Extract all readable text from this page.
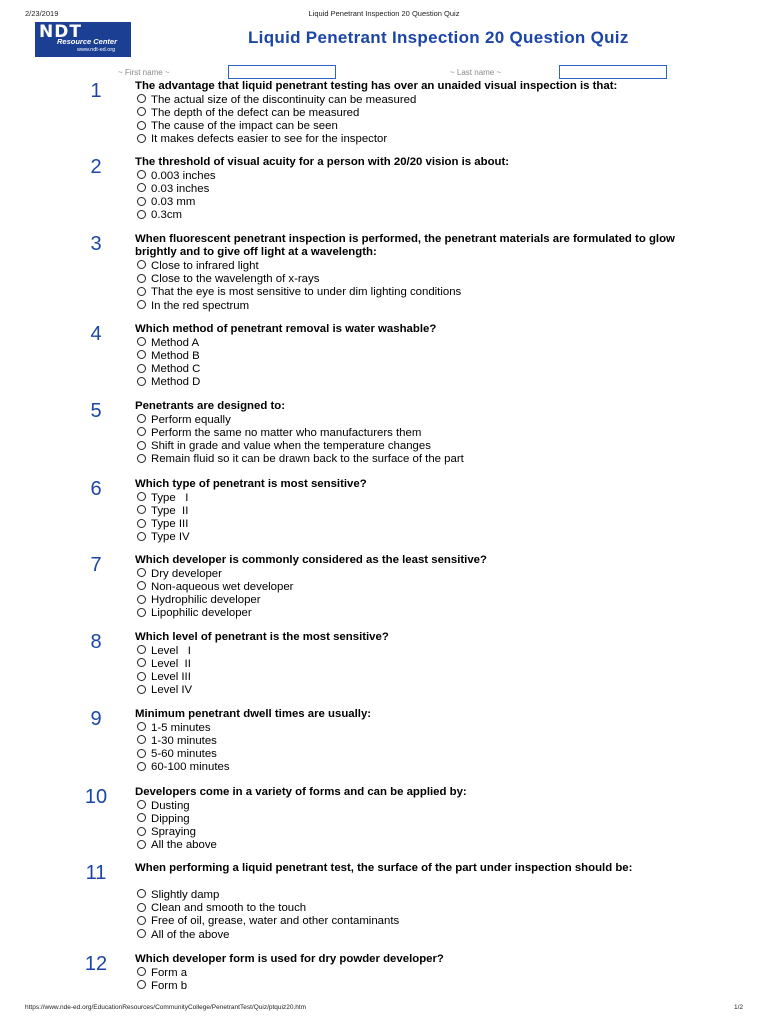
2/23/2019	Liquid Penetrant Inspection 20 Question Quiz
NDT
Resource Center
www.ndt-ed.org
Liquid Penetrant Inspection 20 Question Quiz
~ First name ~	~ Last name ~
1	The advantage that liquid penetrant testing has over an unaided visual inspection is that:
The actual size of the discontinuity can be measured
The depth of the defect can be measured
The cause of the impact can be seen
It makes defects easier to see for the inspector
2	The threshold of visual acuity for a person with 20/20 vision is about:
0.003 inches
0.03 inches
0.03 mm
0.3cm
3	When fluorescent penetrant inspection is performed, the penetrant materials are formulated to glow brightly and to give off light at a wavelength:
Close to infrared light
Close to the wavelength of x-rays
That the eye is most sensitive to under dim lighting conditions
In the red spectrum
4	Which method of penetrant removal is water washable?
Method A
Method B
Method C
Method D
5	Penetrants are designed to:
Perform equally
Perform the same no matter who manufacturers them
Shift in grade and value when the temperature changes
Remain fluid so it can be drawn back to the surface of the part
6	Which type of penetrant is most sensitive?
Type   I
Type  II
Type III
Type IV
7	Which developer is commonly considered as the least sensitive?
Dry developer
Non-aqueous wet developer
Hydrophilic developer
Lipophilic developer
8	Which level of penetrant is the most sensitive?
Level   I
Level  II
Level III
Level IV
9	Minimum penetrant dwell times are usually:
1-5 minutes
1-30 minutes
5-60 minutes
60-100 minutes
10	Developers come in a variety of forms and can be applied by:
Dusting
Dipping
Spraying
All the above
11	When performing a liquid penetrant test, the surface of the part under inspection should be:
Slightly damp
Clean and smooth to the touch
Free of oil, grease, water and other contaminants
All of the above
12	Which developer form is used for dry powder developer?
Form a
Form b
https://www.nde-ed.org/EducationResources/CommunityCollege/PenetrantTest/Quiz/ptquiz20.htm	1/2
